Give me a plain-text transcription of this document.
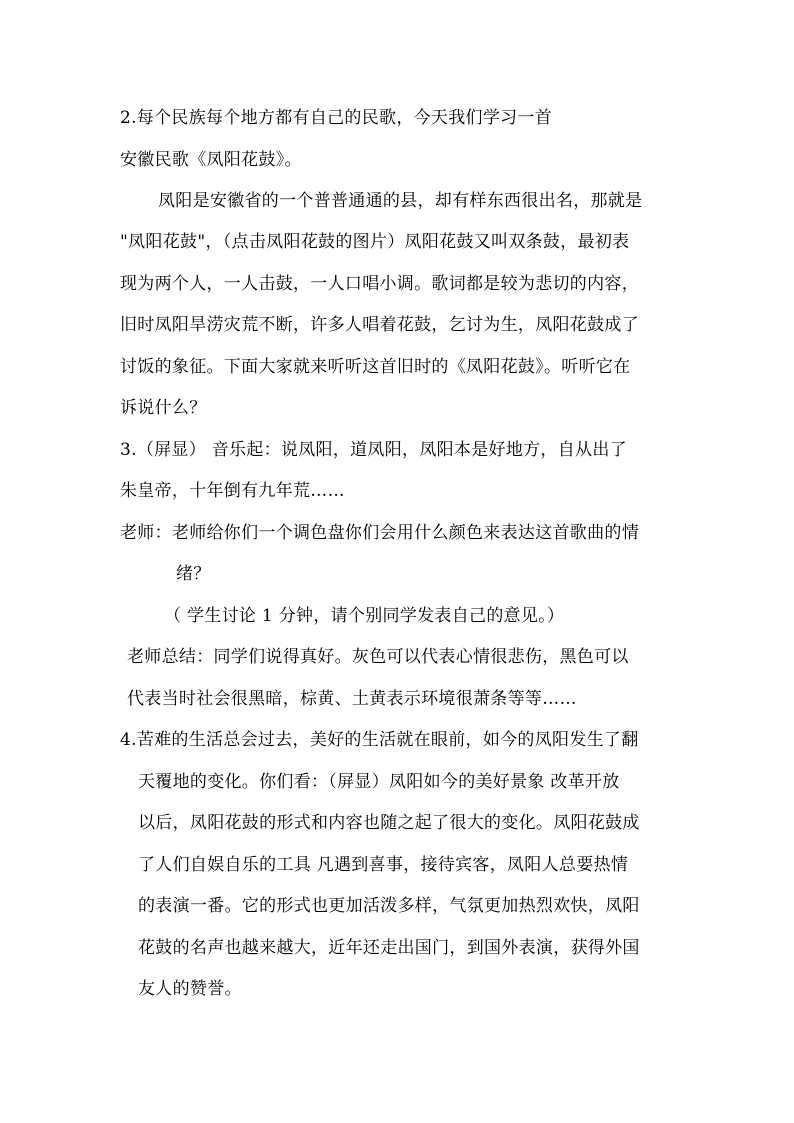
2.每个民族每个地方都有自己的民歌，今天我们学习一首
安徽民歌《凤阳花鼓》。
凤阳是安徽省的一个普普通通的县，却有样东西很出名，那就是
"凤阳花鼓"，（点击凤阳花鼓的图片）凤阳花鼓又叫双条鼓，最初表
现为两个人，一人击鼓，一人口唱小调。歌词都是较为悲切的内容，
旧时凤阳旱涝灾荒不断，许多人唱着花鼓，乞讨为生，凤阳花鼓成了
讨饭的象征。下面大家就来听听这首旧时的《凤阳花鼓》。听听它在
诉说什么？
3.（屏显） 音乐起：说凤阳，道凤阳，凤阳本是好地方，自从出了
朱皇帝，十年倒有九年荒……
老师：老师给你们一个调色盘你们会用什么颜色来表达这首歌曲的情
绪？
（ 学生讨论 1 分钟，请个别同学发表自己的意见。）
老师总结：同学们说得真好。灰色可以代表心情很悲伤，黑色可以
代表当时社会很黑暗，棕黄、土黄表示环境很萧条等等……
4.苦难的生活总会过去，美好的生活就在眼前，如今的凤阳发生了翻
天覆地的变化。你们看：（屏显）凤阳如今的美好景象 改革开放
以后，凤阳花鼓的形式和内容也随之起了很大的变化。凤阳花鼓成
了人们自娱自乐的工具 凡遇到喜事，接待宾客，凤阳人总要热情
的表演一番。它的形式也更加活泼多样，气氛更加热烈欢快，凤阳
花鼓的名声也越来越大，近年还走出国门，到国外表演，获得外国
友人的赞誉。
